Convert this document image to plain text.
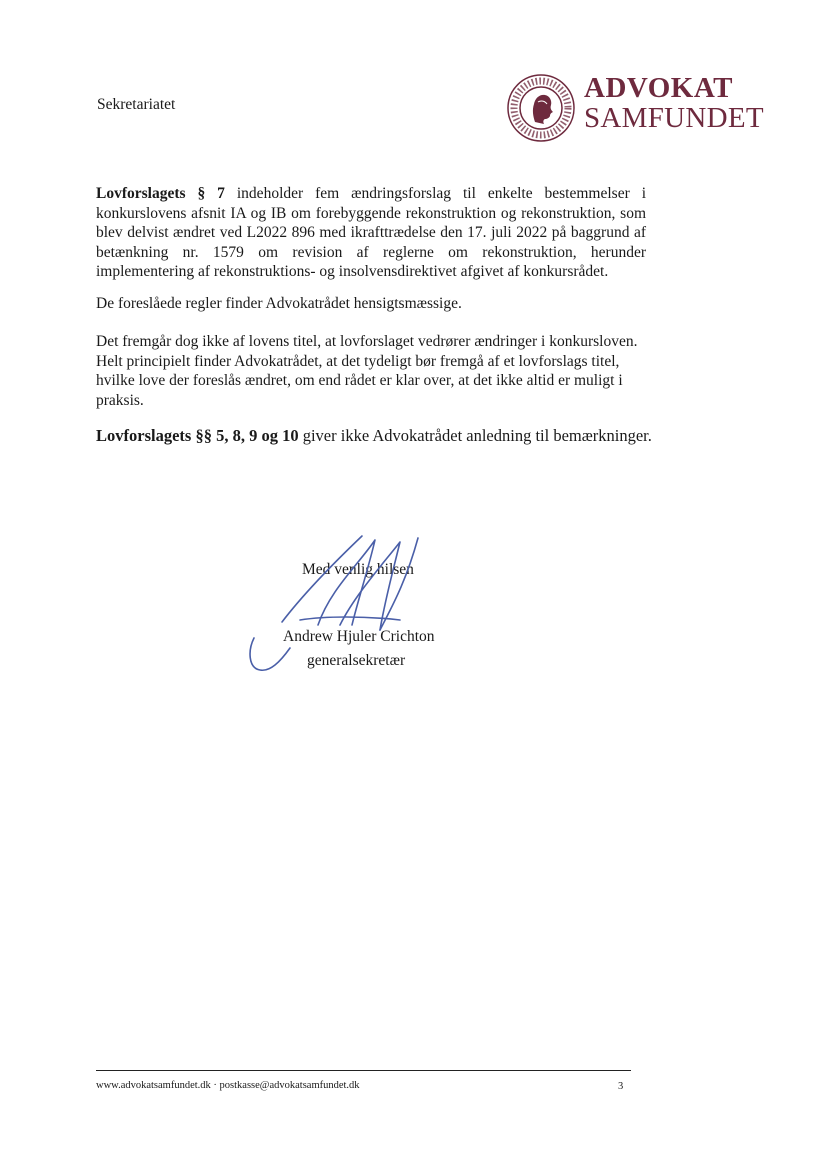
Sekretariatet
ADVOKAT
SAMFUNDET

Lovforslagets § 7 indeholder fem ændringsforslag til enkelte bestemmelser i konkurslovens afsnit IA og IB om forebyggende rekonstruktion og rekonstruktion, som blev delvist ændret ved L2022 896 med ikrafttrædelse den 17. juli 2022 på baggrund af betænkning nr. 1579 om revision af reglerne om rekonstruktion, herunder implementering af rekonstruktions- og insolvensdirektivet afgivet af konkursrådet.

De foreslåede regler finder Advokatrådet hensigtsmæssige.

Det fremgår dog ikke af lovens titel, at lovforslaget vedrører ændringer i konkursloven. Helt principielt finder Advokatrådet, at det tydeligt bør fremgå af et lovforslags titel, hvilke love der foreslås ændret, om end rådet er klar over, at det ikke altid er muligt i praksis.

Lovforslagets §§ 5, 8, 9 og 10 giver ikke Advokatrådet anledning til bemærkninger.

Med venlig hilsen
Andrew Hjuler Crichton
generalsekretær
www.advokatsamfundet.dk · postkasse@advokatsamfundet.dk	3
